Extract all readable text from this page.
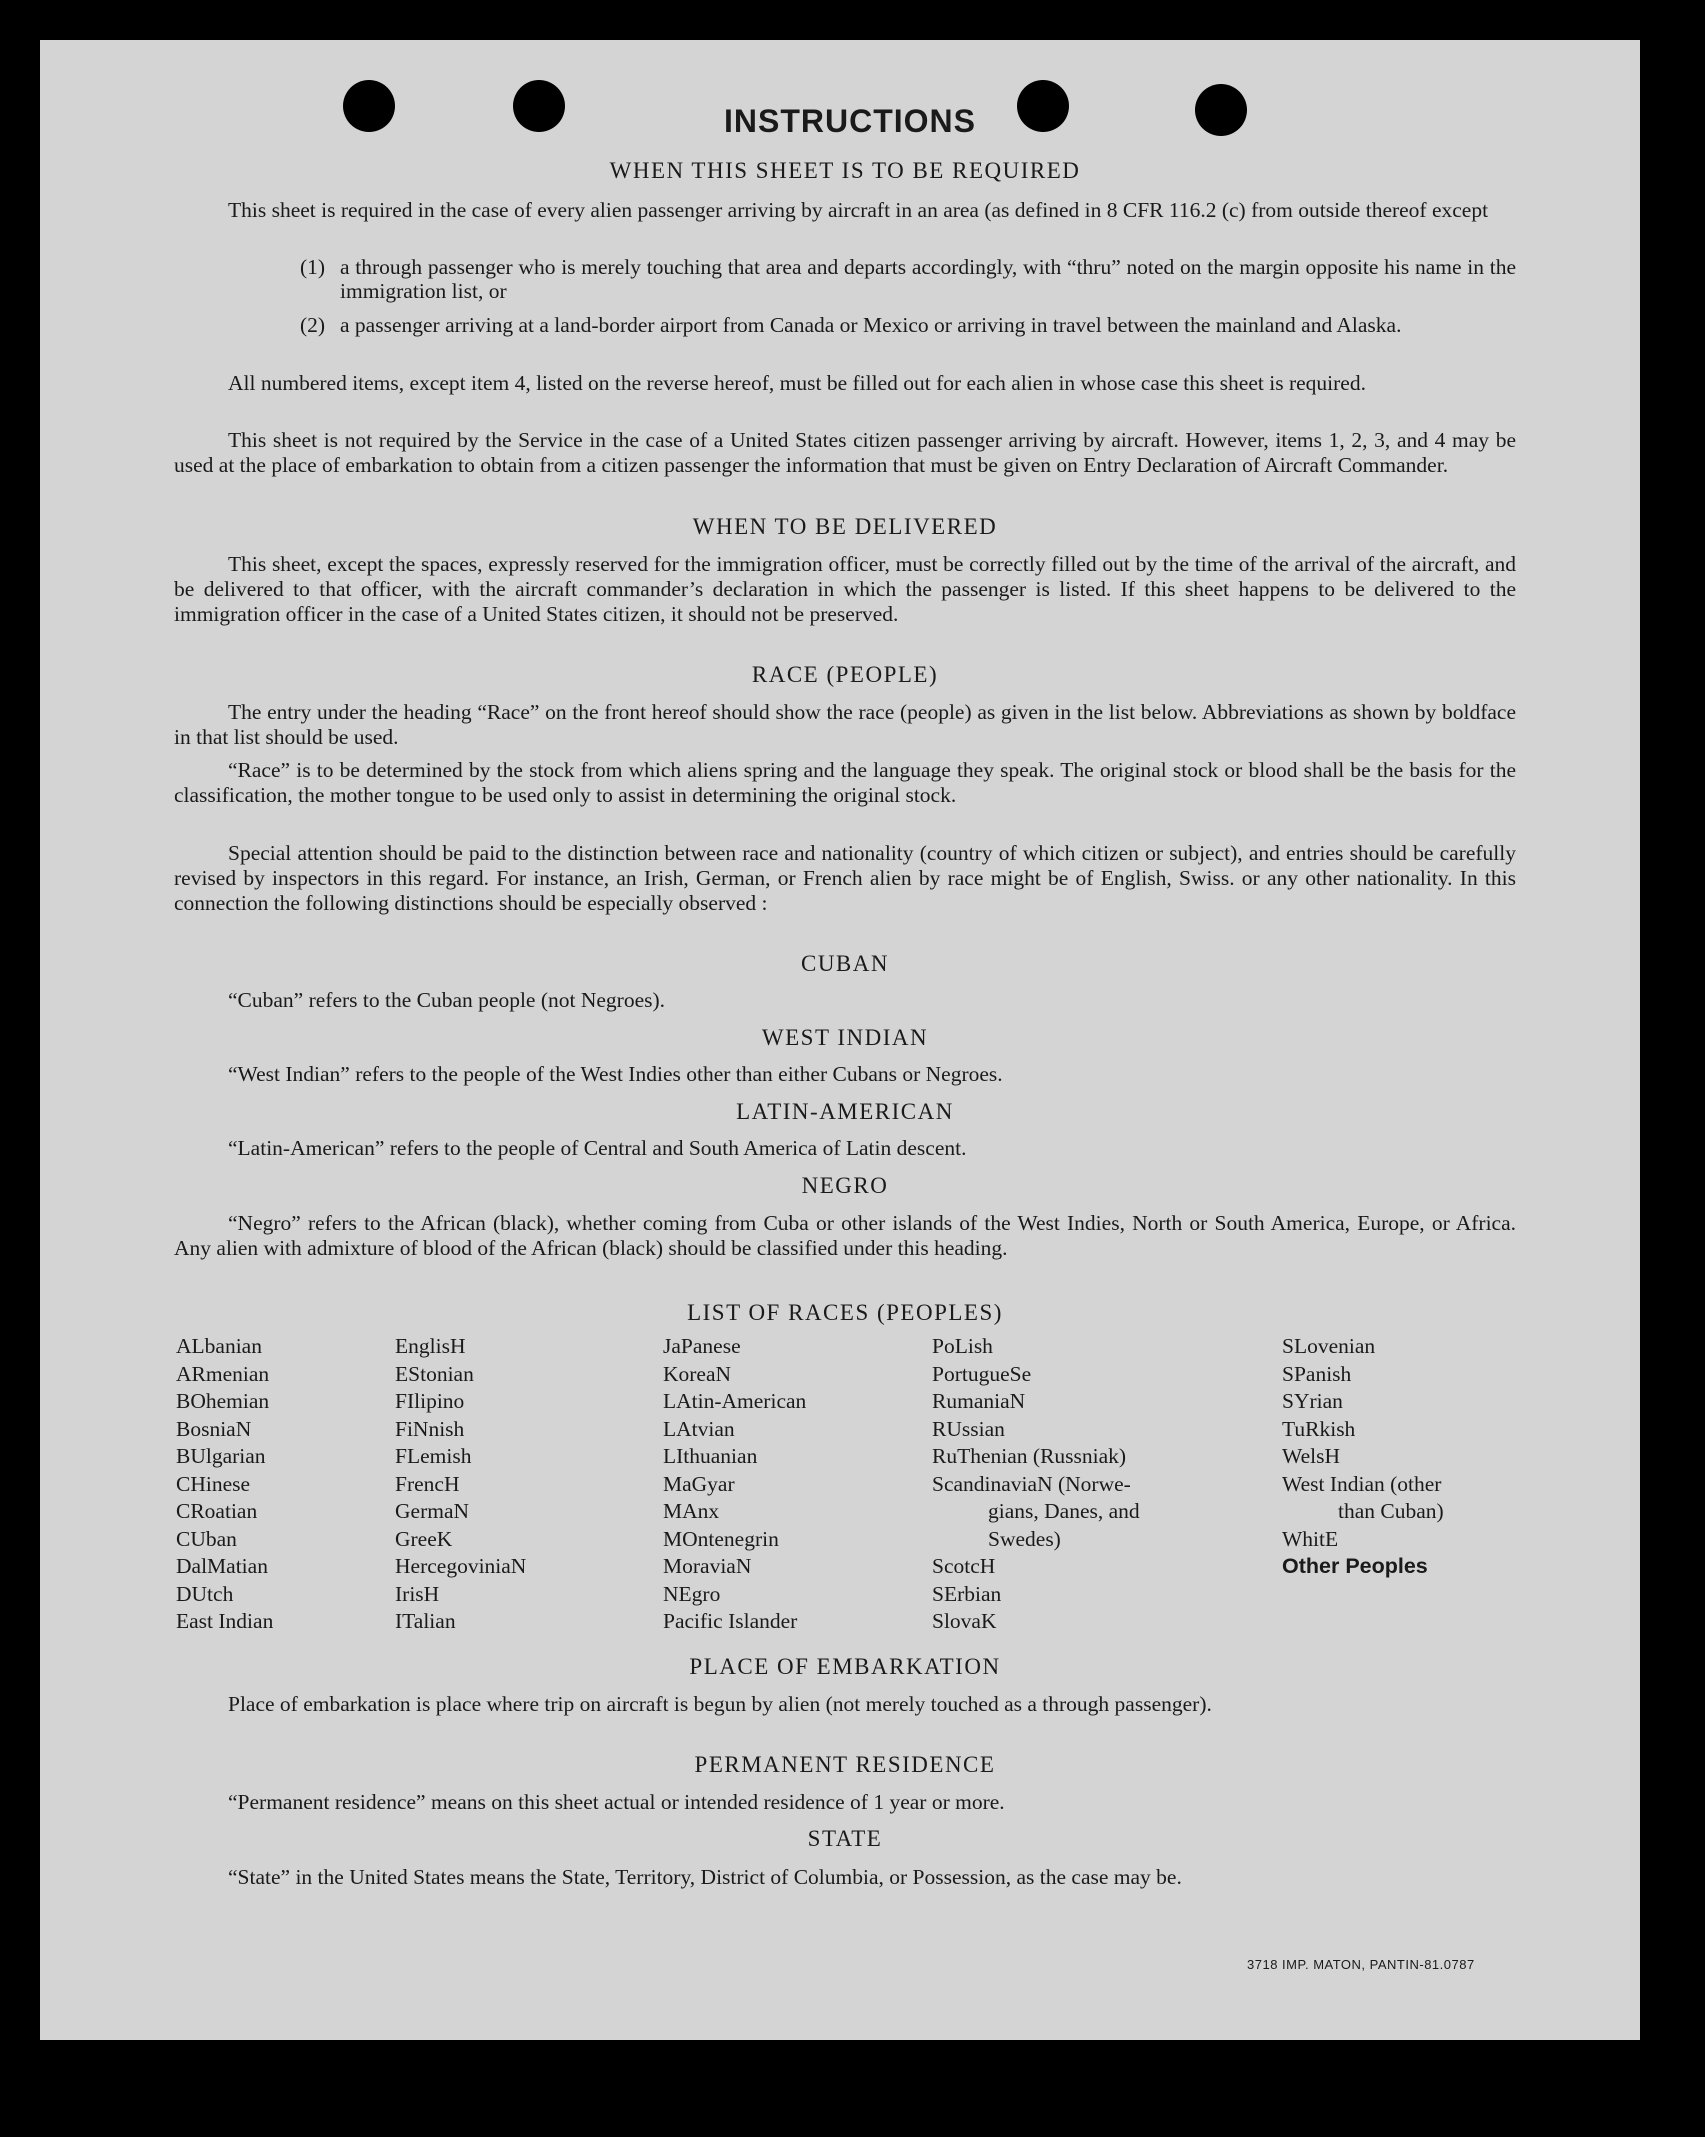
INSTRUCTIONS
WHEN THIS SHEET IS TO BE REQUIRED
This sheet is required in the case of every alien passenger arriving by aircraft in an area (as defined in 8 CFR 116.2 (c) from outside thereof except
(1) a through passenger who is merely touching that area and departs accordingly, with “thru” noted on the margin opposite his name in the immigration list, or
(2) a passenger arriving at a land-border airport from Canada or Mexico or arriving in travel between the mainland and Alaska.
All numbered items, except item 4, listed on the reverse hereof, must be filled out for each alien in whose case this sheet is required.
This sheet is not required by the Service in the case of a United States citizen passenger arriving by aircraft. However, items 1, 2, 3, and 4 may be used at the place of embarkation to obtain from a citizen passenger the information that must be given on Entry Declaration of Aircraft Commander.
WHEN TO BE DELIVERED
This sheet, except the spaces, expressly reserved for the immigration officer, must be correctly filled out by the time of the arrival of the aircraft, and be delivered to that officer, with the aircraft commander’s declaration in which the passenger is listed. If this sheet happens to be delivered to the immigration officer in the case of a United States citizen, it should not be preserved.
RACE (PEOPLE)
The entry under the heading “Race” on the front hereof should show the race (people) as given in the list below. Abbreviations as shown by boldface in that list should be used.
“Race” is to be determined by the stock from which aliens spring and the language they speak. The original stock or blood shall be the basis for the classification, the mother tongue to be used only to assist in determining the original stock.
Special attention should be paid to the distinction between race and nationality (country of which citizen or subject), and entries should be carefully revised by inspectors in this regard. For instance, an Irish, German, or French alien by race might be of English, Swiss. or any other nationality. In this connection the following distinctions should be especially observed :
CUBAN
“Cuban” refers to the Cuban people (not Negroes).
WEST INDIAN
“West Indian” refers to the people of the West Indies other than either Cubans or Negroes.
LATIN-AMERICAN
“Latin-American” refers to the people of Central and South America of Latin descent.
NEGRO
“Negro” refers to the African (black), whether coming from Cuba or other islands of the West Indies, North or South America, Europe, or Africa. Any alien with admixture of blood of the African (black) should be classified under this heading.
LIST OF RACES (PEOPLES)
ALbanian
ARmenian
BOhemian
BosniaN
BUlgarian
CHinese
CRoatian
CUban
DalMatian
DUtch
East Indian
EnglisH
EStonian
FIlipino
FiNnish
FLemish
FrencH
GermaN
GreeK
HercegoviniaN
IrisH
ITalian
JaPanese
KoreaN
LAtin-American
LAtvian
LIthuanian
MaGyar
MAnx
MOntenegrin
MoraviaN
NEgro
Pacific Islander
PoLish
PortugueSe
RumaniaN
RUssian
RuThenian (Russniak)
ScandinaviaN (Norwe-
gians, Danes, and
Swedes)
ScotcH
SErbian
SlovaK
SLovenian
SPanish
SYrian
TuRkish
WelsH
West Indian (other
than Cuban)
WhitE
Other Peoples
PLACE OF EMBARKATION
Place of embarkation is place where trip on aircraft is begun by alien (not merely touched as a through passenger).
PERMANENT RESIDENCE
“Permanent residence” means on this sheet actual or intended residence of 1 year or more.
STATE
“State” in the United States means the State, Territory, District of Columbia, or Possession, as the case may be.
3718 IMP. MATON, PANTIN-81.0787
